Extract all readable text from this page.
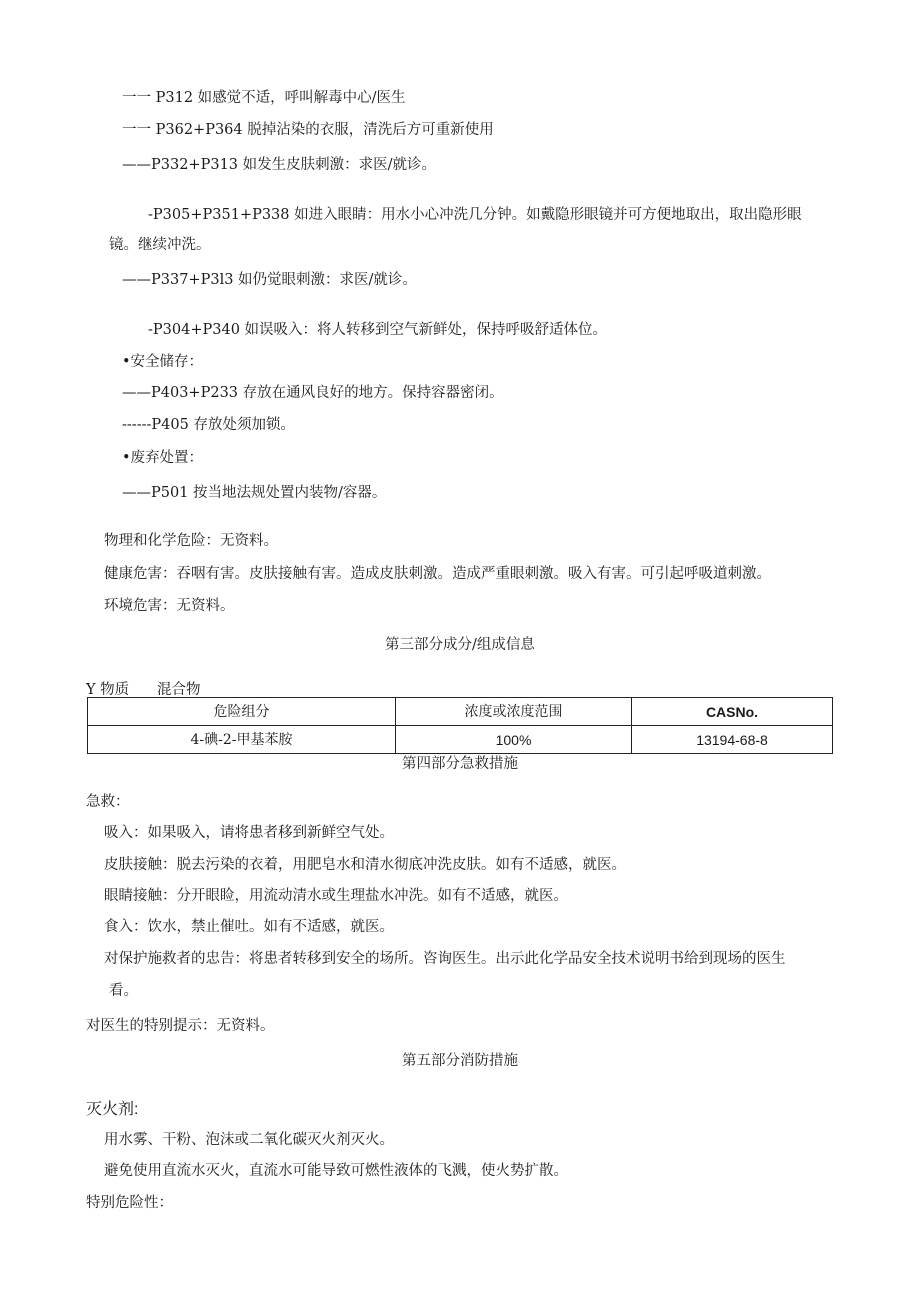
一一 P312 如感觉不适，呼叫解毒中心/医生
一一 P362+P364 脱掉沾染的衣服，清洗后方可重新使用
——P332+P313 如发生皮肤刺激：求医/就诊。
-P305+P351+P338 如进入眼睛：用水小心冲洗几分钟。如戴隐形眼镜并可方便地取出，取出隐形眼
镜。继续冲洗。
——P337+P3l3 如仍觉眼刺激：求医/就诊。
-P304+P340 如误吸入：将人转移到空气新鲜处，保持呼吸舒适体位。
•安全储存：
——P403+P233 存放在通风良好的地方。保持容器密闭。
------P405 存放处须加锁。
•废弃处置：
——P501 按当地法规处置内装物/容器。
物理和化学危险：无资料。
健康危害：吞咽有害。皮肤接触有害。造成皮肤刺激。造成严重眼刺激。吸入有害。可引起呼吸道刺激。
环境危害：无资料。
第三部分成分/组成信息
Y 物质 混合物
危险组分	浓度或浓度范围	CASNo.
4-碘-2-甲基苯胺	100%	13194-68-8
第四部分急救措施
急救：
吸入：如果吸入，请将患者移到新鲜空气处。
皮肤接触：脱去污染的衣着，用肥皂水和清水彻底冲洗皮肤。如有不适感，就医。
眼睛接触：分开眼睑，用流动清水或生理盐水冲洗。如有不适感，就医。
食入：饮水，禁止催吐。如有不适感，就医。
对保护施救者的忠告：将患者转移到安全的场所。咨询医生。出示此化学品安全技术说明书给到现场的医生
看。
对医生的特别提示：无资料。
第五部分消防措施
灭火剂:
用水雾、干粉、泡沫或二氧化碳灭火剂灭火。
避免使用直流水灭火，直流水可能导致可燃性液体的飞溅，使火势扩散。
特别危险性：
